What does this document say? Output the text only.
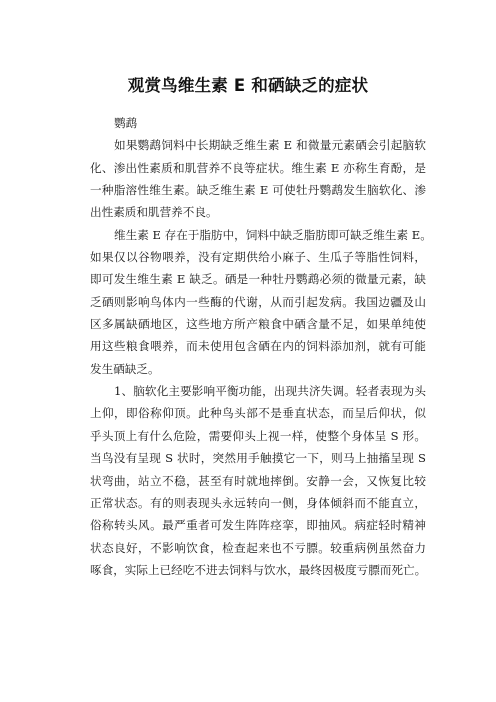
观赏鸟维生素 E 和硒缺乏的症状
鹦鹉
如果鹦鹉饲料中长期缺乏维生素 E 和微量元素硒会引起脑软
化、渗出性素质和肌营养不良等症状。维生素 E 亦称生育酚，是
一种脂溶性维生素。缺乏维生素 E 可使牡丹鹦鹉发生脑软化、渗
出性素质和肌营养不良。
维生素 E 存在于脂肪中，饲料中缺乏脂肪即可缺乏维生素 E。
如果仅以谷物喂养，没有定期供给小麻子、生瓜子等脂性饲料，
即可发生维生素 E 缺乏。硒是一种牡丹鹦鹉必须的微量元素，缺
乏硒则影响鸟体内一些酶的代谢，从而引起发病。我国边疆及山
区多属缺硒地区，这些地方所产粮食中硒含量不足，如果单纯使
用这些粮食喂养，而未使用包含硒在内的饲料添加剂，就有可能
发生硒缺乏。
1、脑软化主要影响平衡功能，出现共济失调。轻者表现为头
上仰，即俗称仰顶。此种鸟头部不是垂直状态，而呈后仰状，似
乎头顶上有什么危险，需要仰头上视一样，使整个身体呈 S 形。
当鸟没有呈现 S 状时，突然用手触摸它一下，则马上抽搐呈现 S
状弯曲，站立不稳，甚至有时就地摔倒。安静一会，又恢复比较
正常状态。有的则表现头永远转向一侧，身体倾斜而不能直立，
俗称转头风。最严重者可发生阵阵痉挛，即抽风。病症轻时精神
状态良好，不影响饮食，检查起来也不亏膘。较重病例虽然奋力
啄食，实际上已经吃不进去饲料与饮水，最终因极度亏膘而死亡。
